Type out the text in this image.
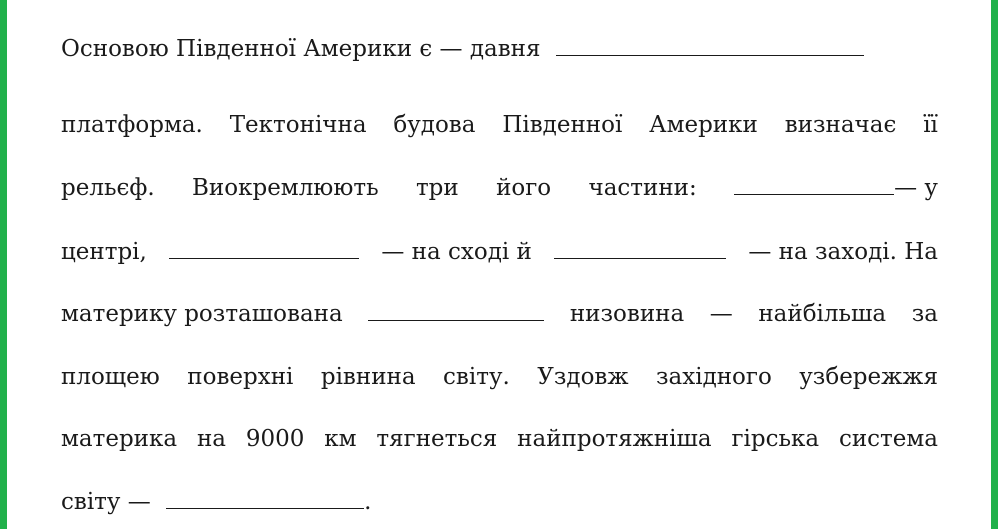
Основою Південної Америки є — давня
платформа. Тектонічна будова Південної Америки визначає її
рельєф. Виокремлюють три його частини:	— у
центрі,	— на сході й	— на заході. На
материку розташована	низовина — найбільша за
площею поверхні рівнина світу. Уздовж західного узбережжя
материка на 9000 км тягнеться найпротяжніша гірська система
світу —	.
